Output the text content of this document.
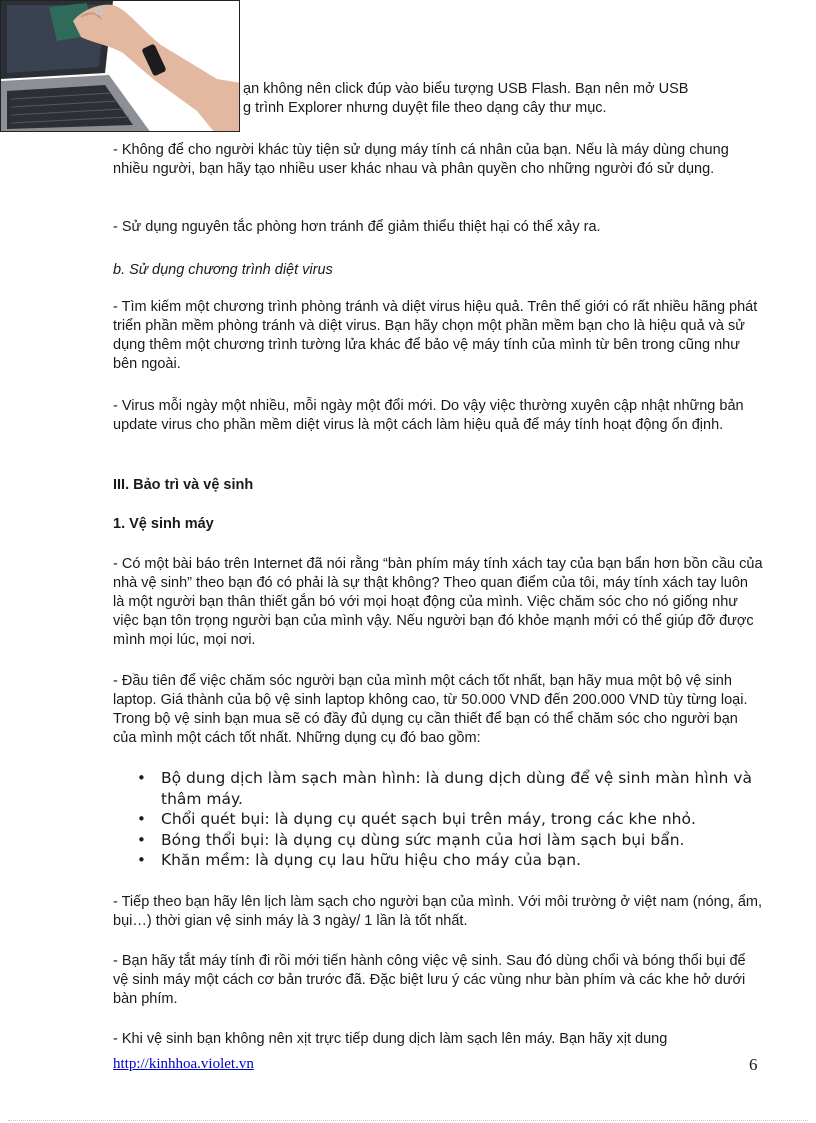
ạn không nên click đúp vào biểu tượng USB Flash. Bạn nên mở USB
g trình Explorer nhưng duyệt file theo dạng cây thư mục.

- Không để cho người khác tùy tiện sử dụng máy tính cá nhân của bạn. Nếu là máy dùng chung nhiều người, bạn hãy tạo nhiều user khác nhau và phân quyền cho những người đó sử dụng.

- Sử dụng nguyên tắc phòng hơn tránh để giảm thiểu thiệt hại có thể xảy ra.

b. Sử dụng chương trình diệt virus

- Tìm kiếm một chương trình phòng tránh và diệt virus hiệu quả. Trên thế giới có rất nhiều hãng phát triển phần mềm phòng tránh và diệt virus. Bạn hãy chọn một phần mềm bạn cho là hiệu quả và sử dụng thêm một chương trình tường lửa khác để bảo vệ máy tính của mình từ bên trong cũng như bên ngoài.

- Virus mỗi ngày một nhiều, mỗi ngày một đổi mới. Do vậy việc thường xuyên cập nhật những bản update virus cho phần mềm diệt virus là một cách làm hiệu quả để máy tính hoạt động ổn định.

III. Bảo trì và vệ sinh

1. Vệ sinh máy

- Có một bài báo trên Internet đã nói rằng “bàn phím máy tính xách tay của bạn bẩn hơn bồn cầu của nhà vệ sinh” theo bạn đó có phải là sự thật không? Theo quan điểm của tôi, máy tính xách tay luôn là một người bạn thân thiết gắn bó với mọi hoạt động của mình. Việc chăm sóc cho nó giống như việc bạn tôn trọng người bạn của mình vậy. Nếu người bạn đó khỏe mạnh mới có thể giúp đỡ được mình mọi lúc, mọi nơi.

- Đầu tiên để việc chăm sóc người bạn của mình một cách tốt nhất, bạn hãy mua một bộ vệ sinh laptop. Giá thành của bộ vệ sinh laptop không cao, từ 50.000 VND đến 200.000 VND tùy từng loại. Trong bộ vệ sinh bạn mua sẽ có đầy đủ dụng cụ cần thiết để bạn có thể chăm sóc cho người bạn của mình một cách tốt nhất. Những dụng cụ đó bao gồm:

• Bộ dung dịch làm sạch màn hình: là dung dịch dùng để vệ sinh màn hình và thâm máy.
• Chổi quét bụi: là dụng cụ quét sạch bụi trên máy, trong các khe nhỏ.
• Bóng thổi bụi: là dụng cụ dùng sức mạnh của hơi làm sạch bụi bẩn.
• Khăn mềm: là dụng cụ lau hữu hiệu cho máy của bạn.

- Tiếp theo bạn hãy lên lịch làm sạch cho người bạn của mình. Với môi trường ở việt nam (nóng, ẩm, bụi…) thời gian vệ sinh máy là 3 ngày/ 1 lần là tốt nhất.

- Bạn hãy tắt máy tính đi rồi mới tiến hành công việc vệ sinh. Sau đó dùng chổi và bóng thổi bụi để vệ sinh máy một cách cơ bản trước đã. Đặc biệt lưu ý các vùng như bàn phím và các khe hở dưới bàn phím.

- Khi vệ sinh bạn không nên xịt trực tiếp dung dịch làm sạch lên máy. Bạn hãy xịt dung

http://kinhhoa.violet.vn	6
